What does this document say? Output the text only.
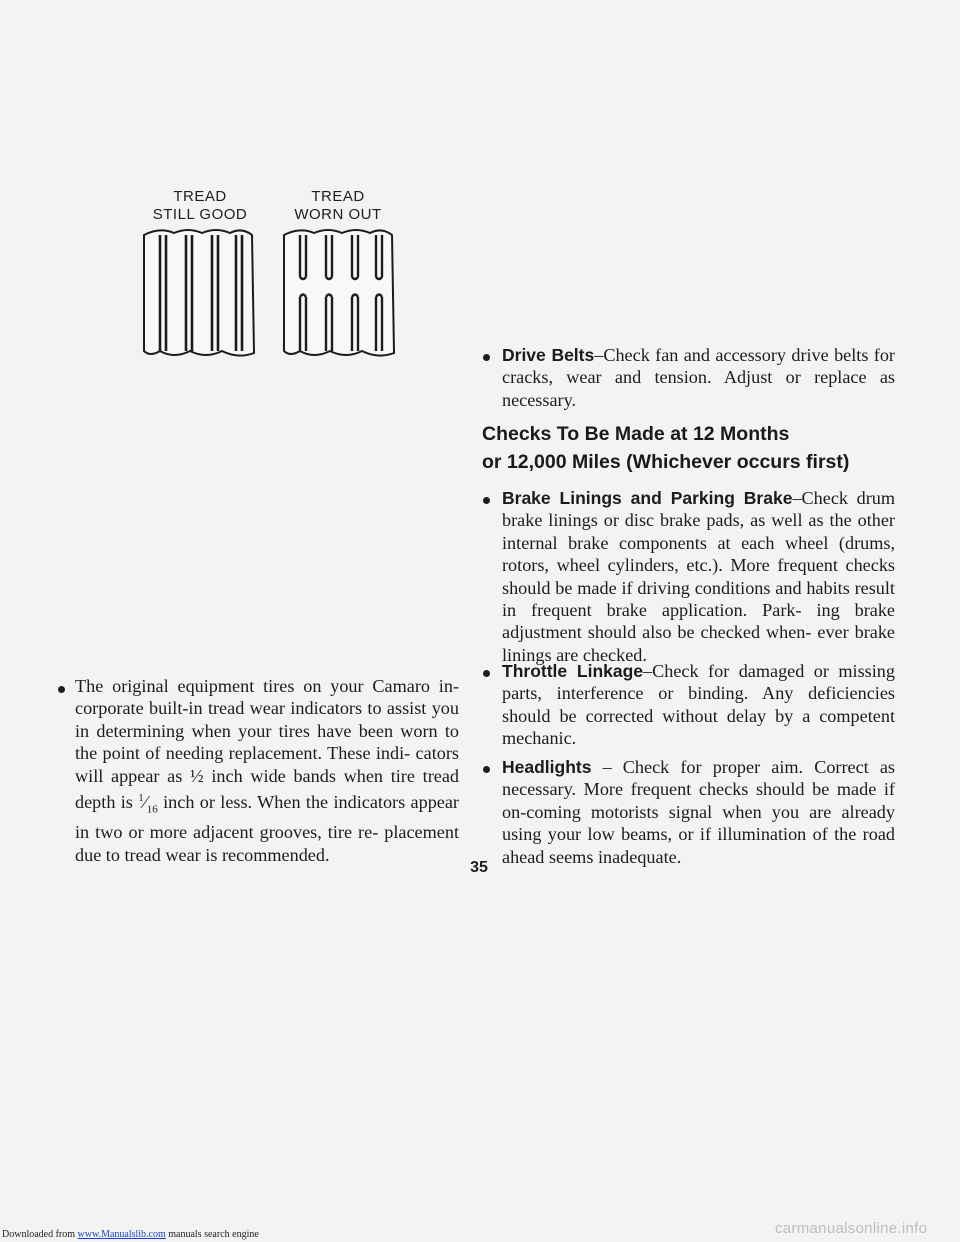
TREAD
STILL GOOD
TREAD
WORN OUT
The original equipment tires on your Camaro in- corporate built-in tread wear indicators to assist you in determining when your tires have been worn to the point of needing replacement. These indi- cators will appear as ½ inch wide bands when tire tread depth is $^1⁄_{16}$ inch or less. When the indicators appear in two or more adjacent grooves, tire re- placement due to tread wear is recommended.
Drive Belts–Check fan and accessory drive belts for cracks, wear and tension. Adjust or replace as necessary.
Checks To Be Made at 12 Months
or 12,000 Miles (Whichever occurs first)
Brake Linings and Parking Brake–Check drum brake linings or disc brake pads, as well as the other internal brake components at each wheel (drums, rotors, wheel cylinders, etc.). More frequent checks should be made if driving conditions and habits result in frequent brake application. Park- ing brake adjustment should also be checked when- ever brake linings are checked.
Throttle Linkage–Check for damaged or missing parts, interference or binding. Any deficiencies should be corrected without delay by a competent mechanic.
Headlights – Check for proper aim. Correct as necessary. More frequent checks should be made if on-coming motorists signal when you are already using your low beams, or if illumination of the road ahead seems inadequate.
35
Downloaded from www.Manualslib.com manuals search engine	carmanualsonline.info
